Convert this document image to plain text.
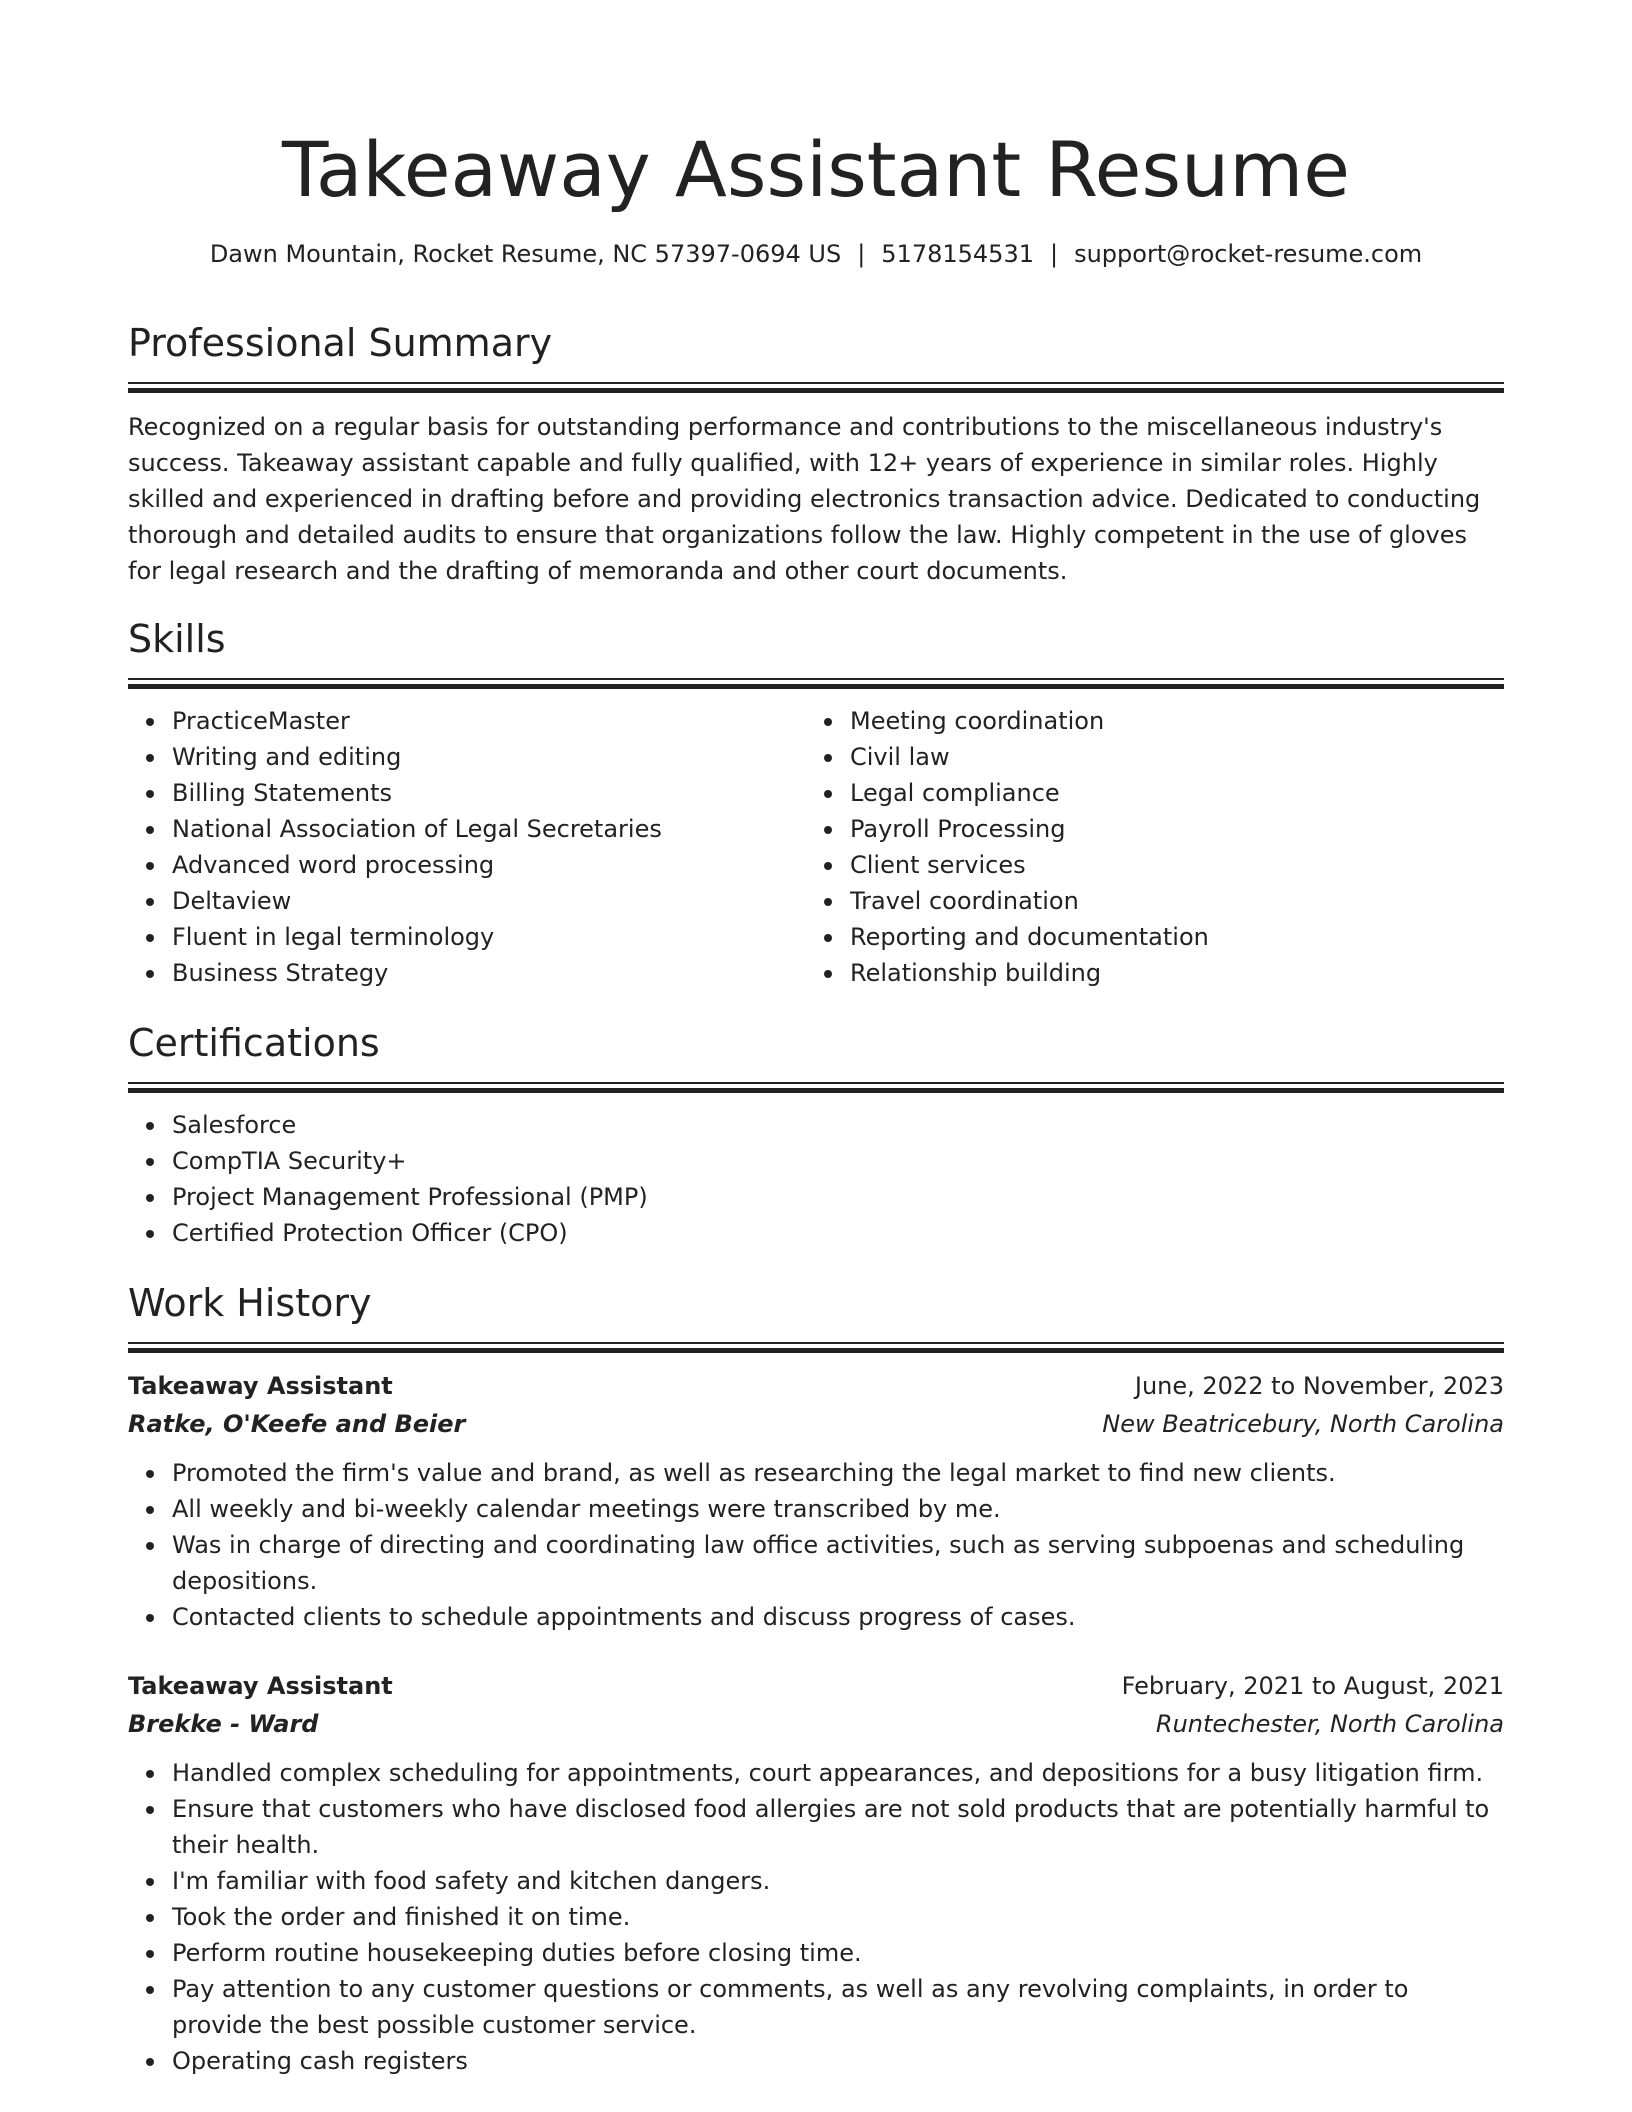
Takeaway Assistant Resume
Dawn Mountain, Rocket Resume, NC 57397-0694 US | 5178154531 | support@rocket-resume.com
Professional Summary

Recognized on a regular basis for outstanding performance and contributions to the miscellaneous industry's success. Takeaway assistant capable and fully qualified, with 12+ years of experience in similar roles. Highly skilled and experienced in drafting before and providing electronics transaction advice. Dedicated to conducting thorough and detailed audits to ensure that organizations follow the law. Highly competent in the use of gloves for legal research and the drafting of memoranda and other court documents.

Skills
PracticeMaster
Writing and editing
Billing Statements
National Association of Legal Secretaries
Advanced word processing
Deltaview
Fluent in legal terminology
Business Strategy
Meeting coordination
Civil law
Legal compliance
Payroll Processing
Client services
Travel coordination
Reporting and documentation
Relationship building
Certifications
Salesforce
CompTIA Security+
Project Management Professional (PMP)
Certified Protection Officer (CPO)
Work History
Takeaway Assistant	June, 2022 to November, 2023
Ratke, O'Keefe and Beier	New Beatricebury, North Carolina
Promoted the firm's value and brand, as well as researching the legal market to find new clients.
All weekly and bi-weekly calendar meetings were transcribed by me.
Was in charge of directing and coordinating law office activities, such as serving subpoenas and scheduling depositions.
Contacted clients to schedule appointments and discuss progress of cases.
Takeaway Assistant	February, 2021 to August, 2021
Brekke - Ward	Runtechester, North Carolina
Handled complex scheduling for appointments, court appearances, and depositions for a busy litigation firm.
Ensure that customers who have disclosed food allergies are not sold products that are potentially harmful to their health.
I'm familiar with food safety and kitchen dangers.
Took the order and finished it on time.
Perform routine housekeeping duties before closing time.
Pay attention to any customer questions or comments, as well as any revolving complaints, in order to provide the best possible customer service.
Operating cash registers
